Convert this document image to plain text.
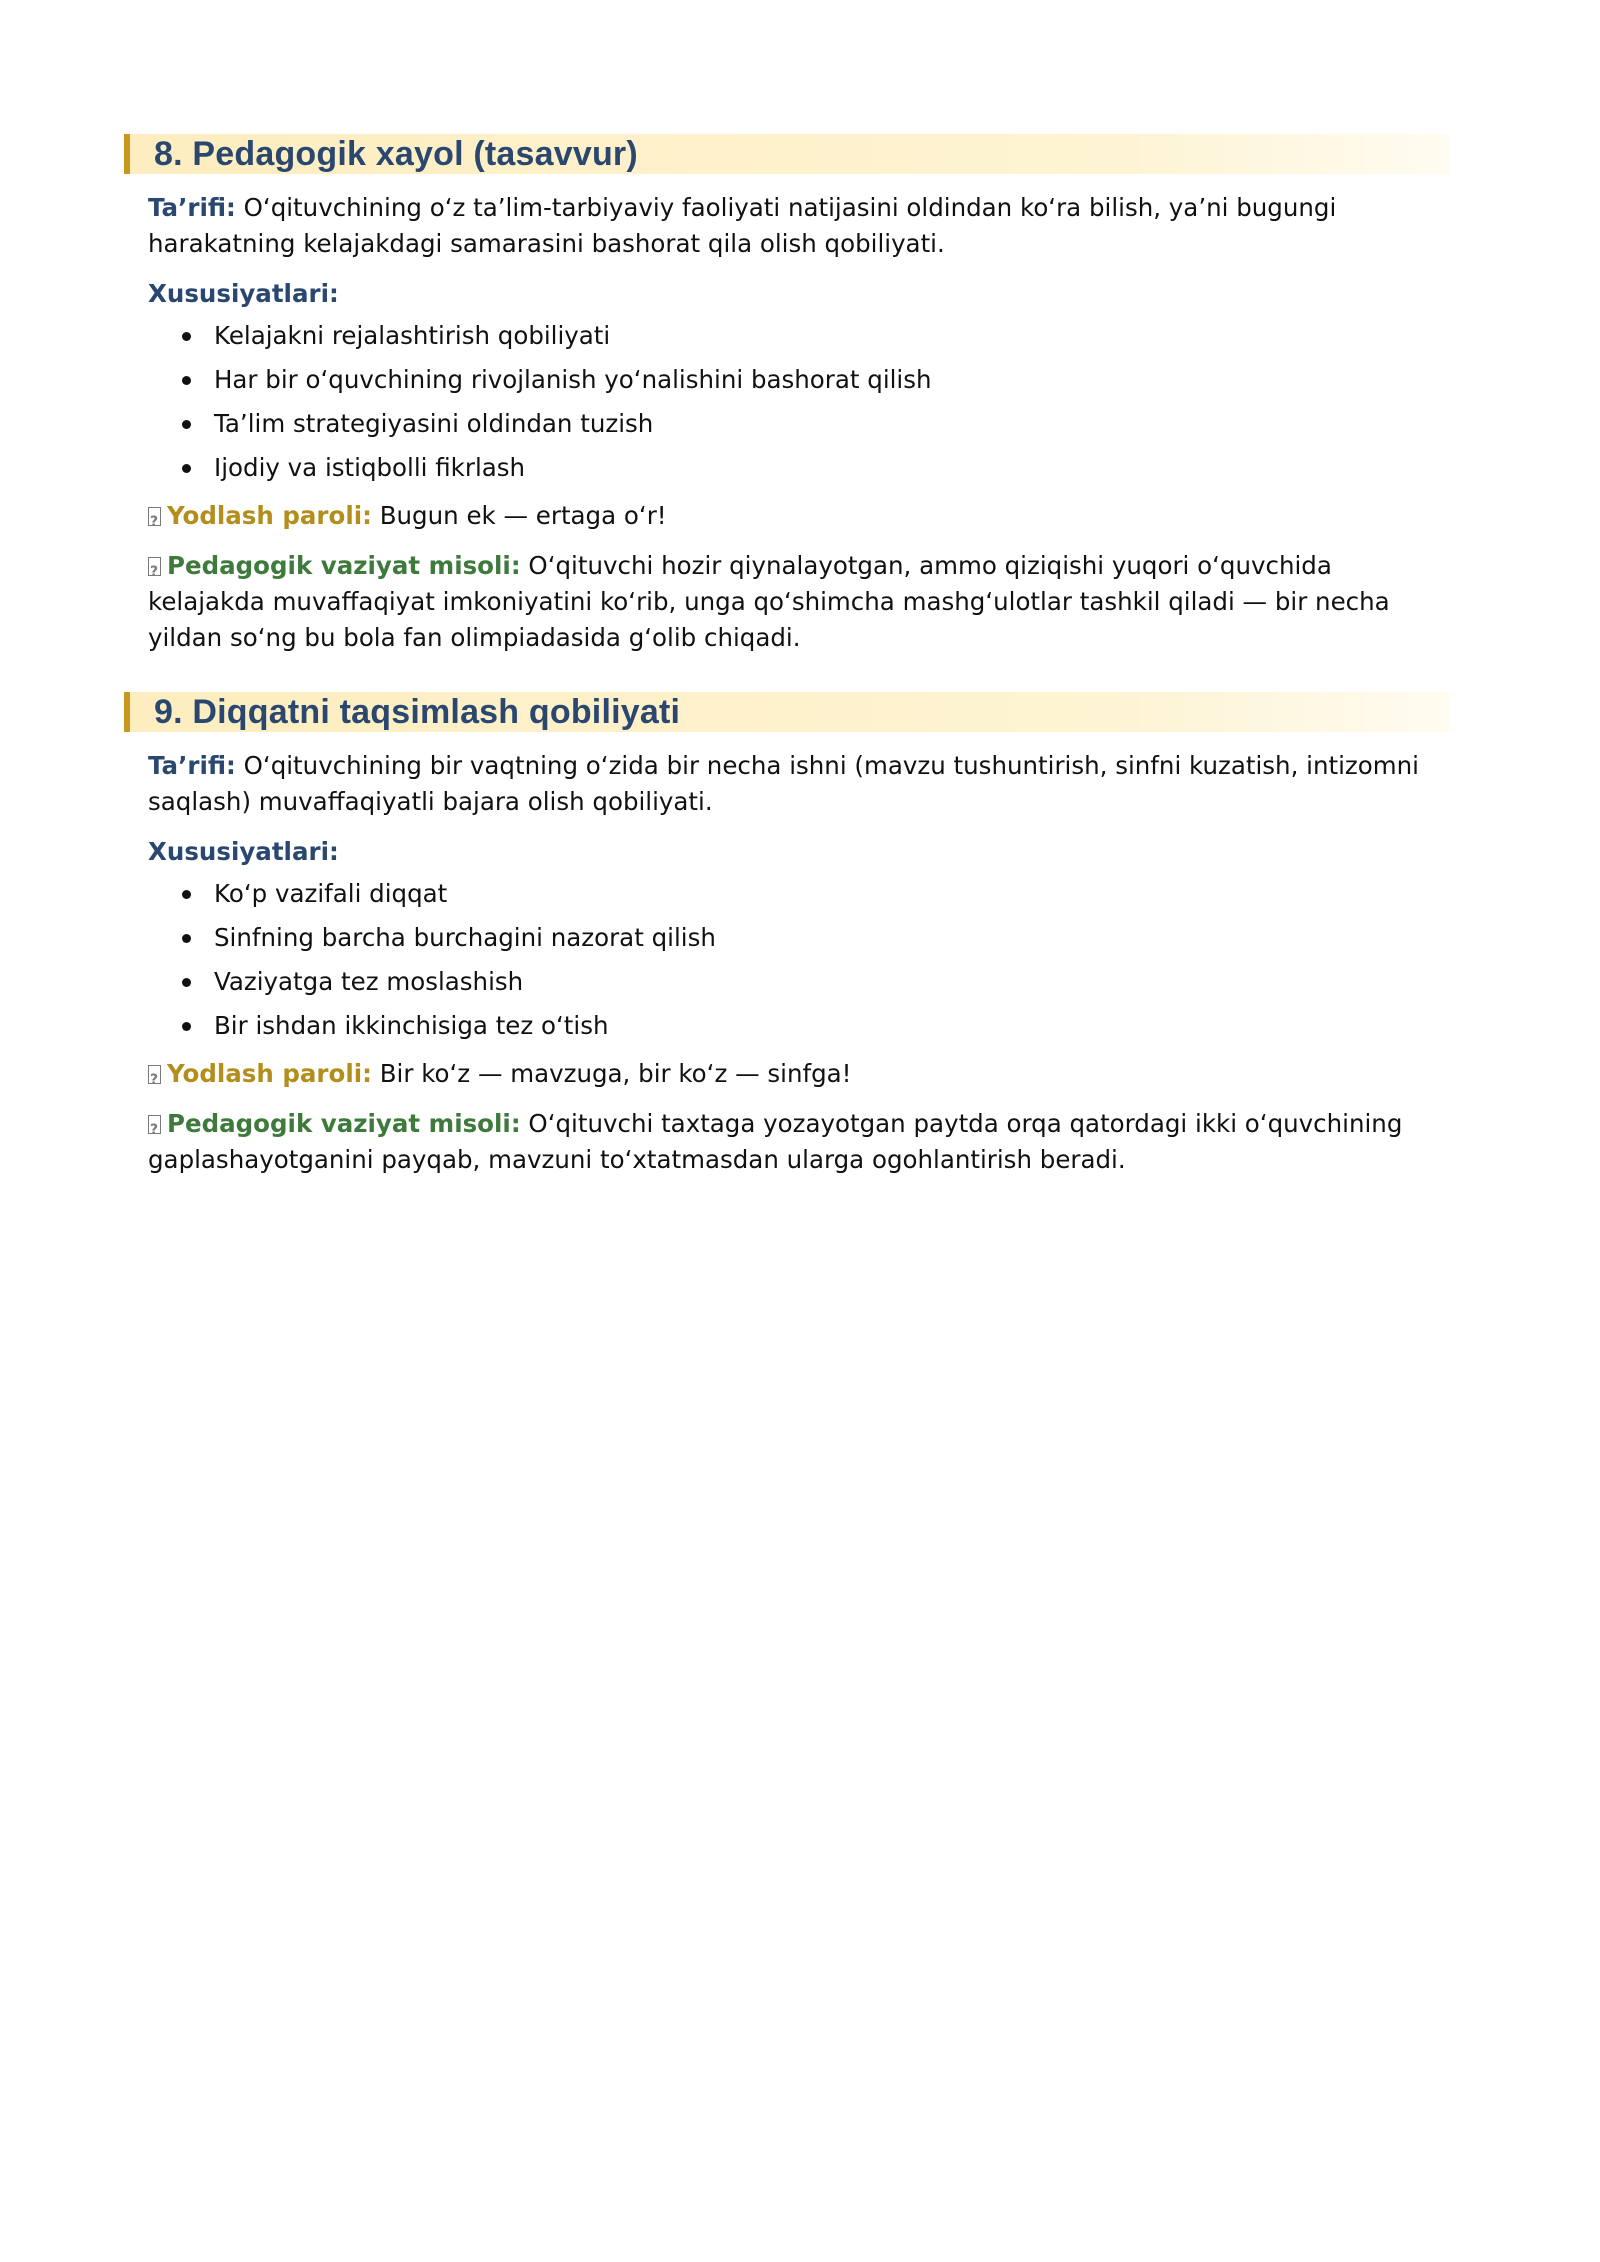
8. Pedagogik xayol (tasavvur)

Ta’rifi: Oʻqituvchining oʻz ta’lim-tarbiyaviy faoliyati natijasini oldindan koʻra bilish, ya’ni bugungi harakatning kelajakdagi samarasini bashorat qila olish qobiliyati.

Xususiyatlari:

Kelajakni rejalashtirish qobiliyati
Har bir oʻquvchining rivojlanish yoʻnalishini bashorat qilish
Ta’lim strategiyasini oldindan tuzish
Ijodiy va istiqbolli fikrlash

?Yodlash paroli: Bugun ek — ertaga oʻr!

?Pedagogik vaziyat misoli: Oʻqituvchi hozir qiynalayotgan, ammo qiziqishi yuqori oʻquvchida kelajakda muvaffaqiyat imkoniyatini koʻrib, unga qoʻshimcha mashgʻulotlar tashkil qiladi — bir necha yildan soʻng bu bola fan olimpiadasida gʻolib chiqadi.

9. Diqqatni taqsimlash qobiliyati

Ta’rifi: Oʻqituvchining bir vaqtning oʻzida bir necha ishni (mavzu tushuntirish, sinfni kuzatish, intizomni saqlash) muvaffaqiyatli bajara olish qobiliyati.

Xususiyatlari:

Koʻp vazifali diqqat
Sinfning barcha burchagini nazorat qilish
Vaziyatga tez moslashish
Bir ishdan ikkinchisiga tez oʻtish

?Yodlash paroli: Bir koʻz — mavzuga, bir koʻz — sinfga!

?Pedagogik vaziyat misoli: Oʻqituvchi taxtaga yozayotgan paytda orqa qatordagi ikki oʻquvchining gaplashayotganini payqab, mavzuni toʻxtatmasdan ularga ogohlantirish beradi.
